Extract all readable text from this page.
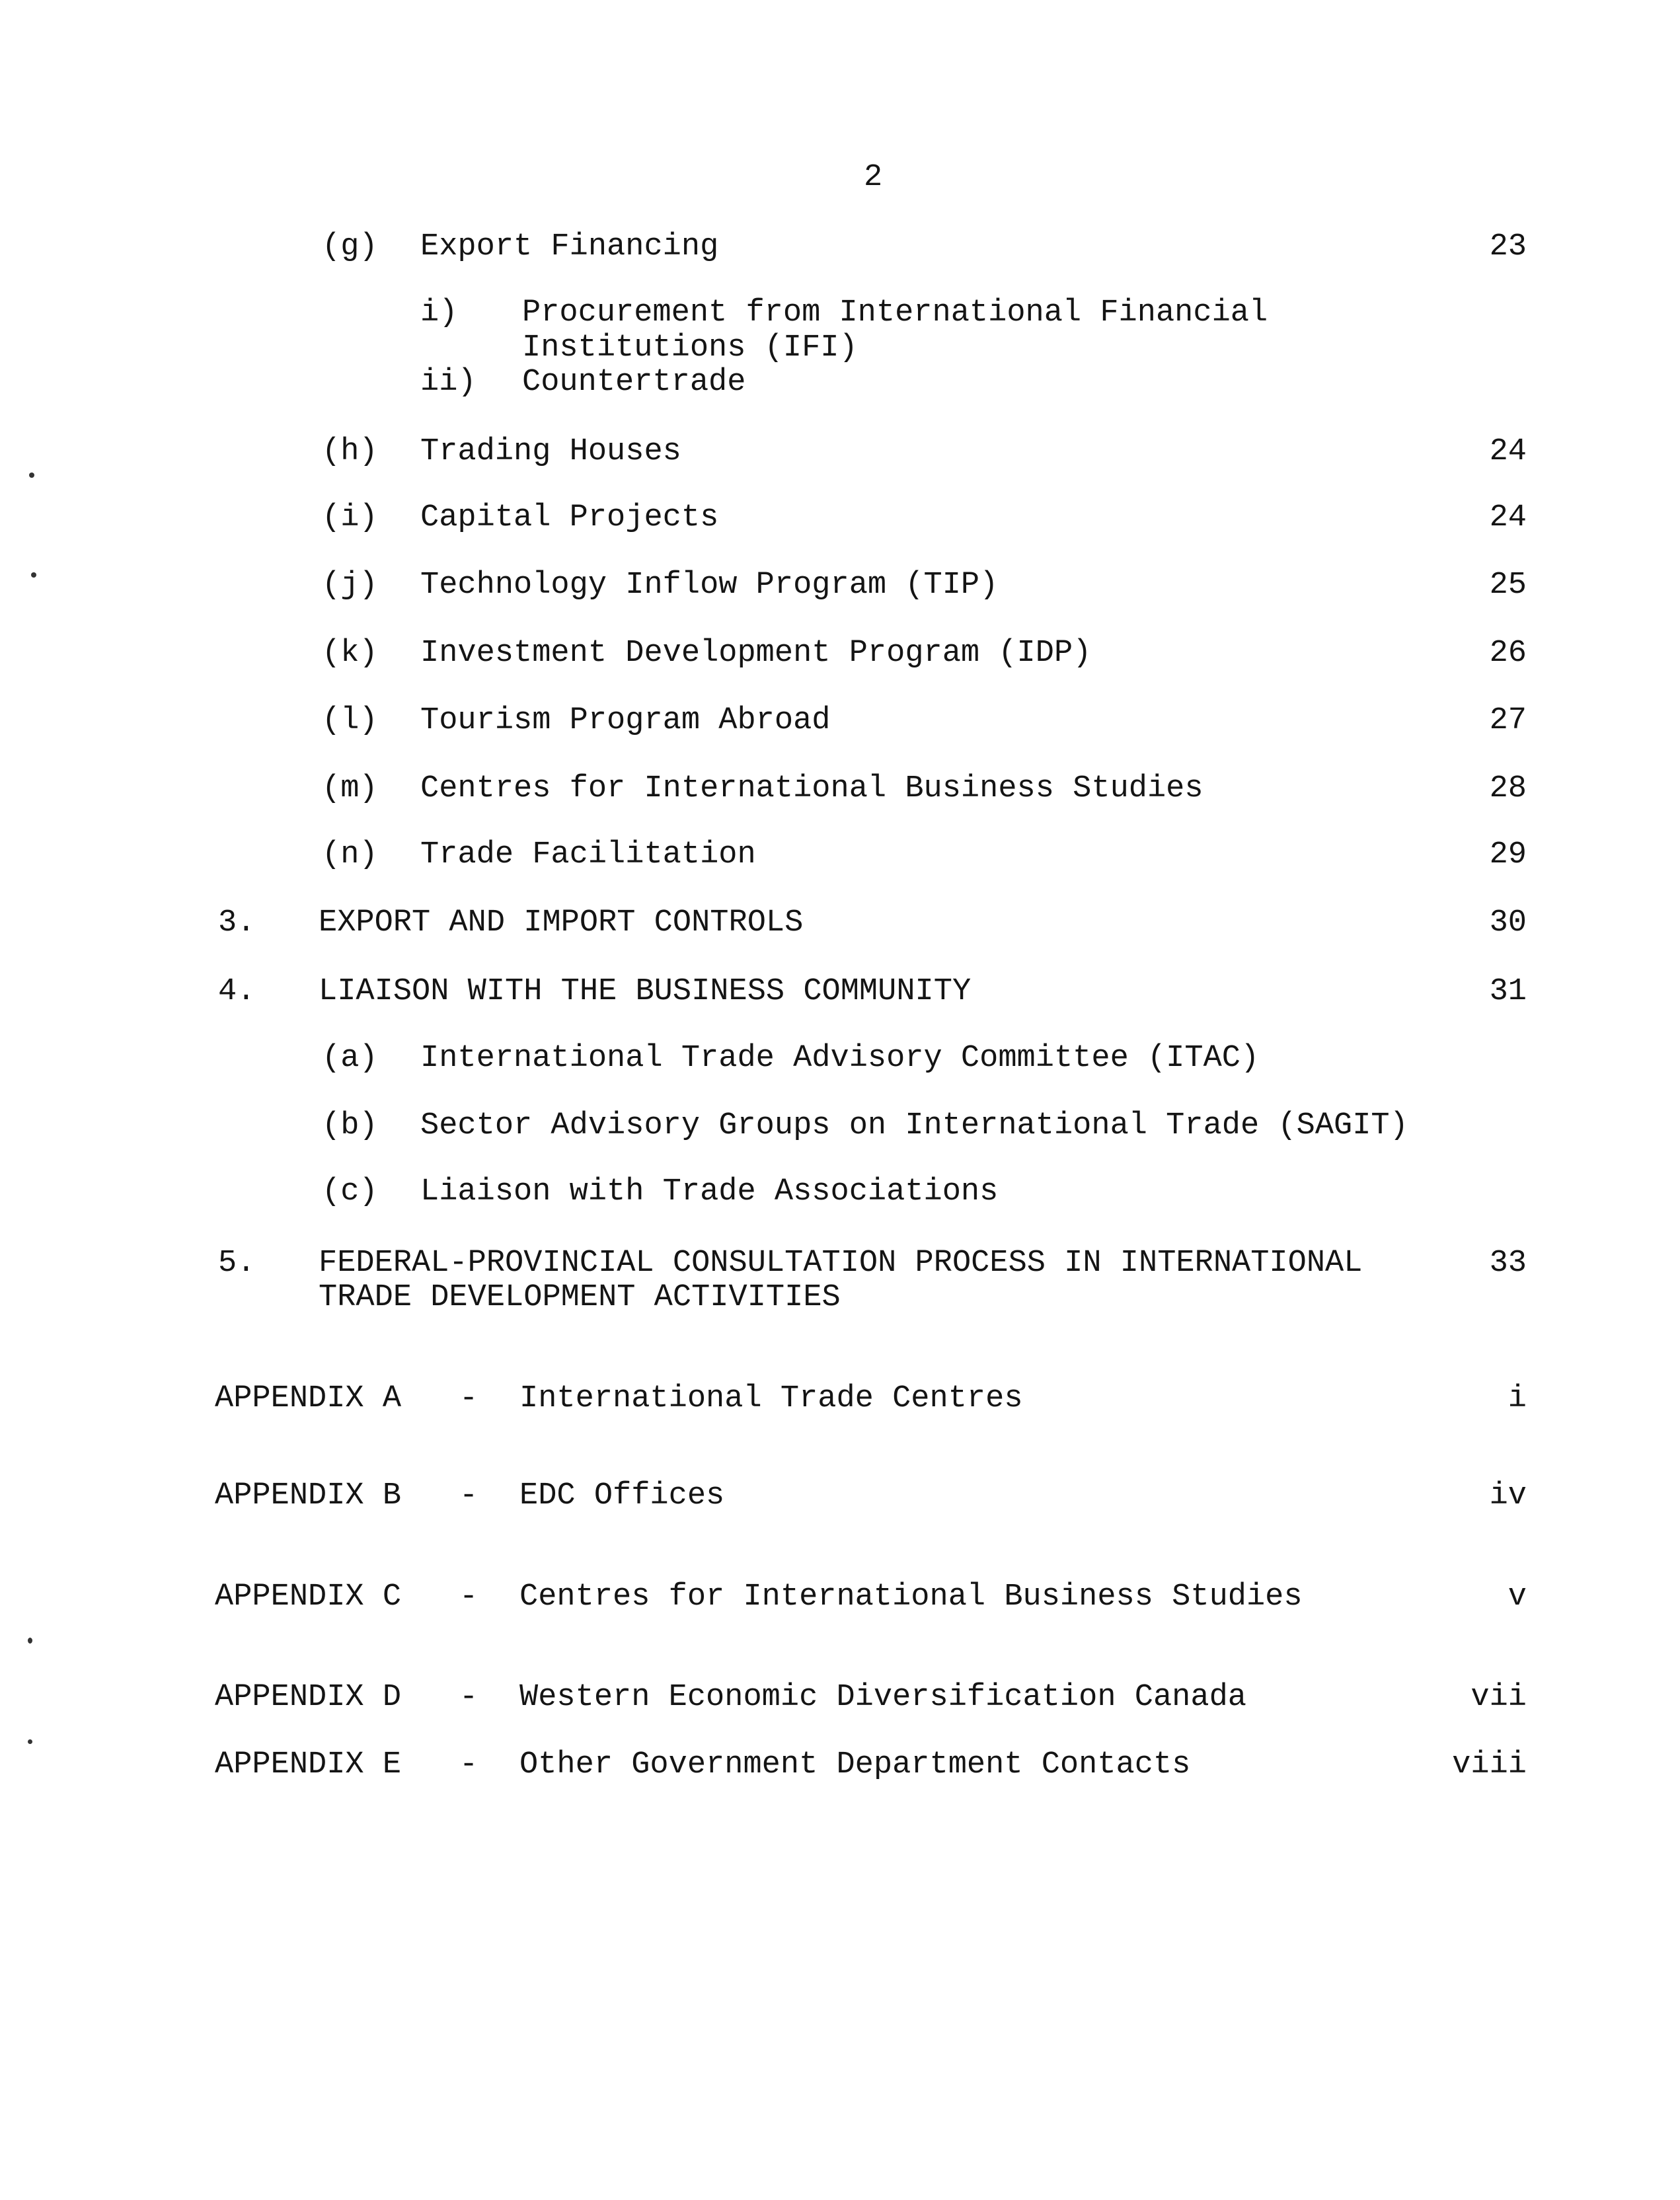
2
(g) Export Financing	23
i) Procurement from International Financial
Institutions (IFI)
ii) Countertrade
(h) Trading Houses	24
(i) Capital Projects	24
(j) Technology Inflow Program (TIP)	25
(k) Investment Development Program (IDP)	26
(l) Tourism Program Abroad	27
(m) Centres for International Business Studies	28
(n) Trade Facilitation	29
3. EXPORT AND IMPORT CONTROLS	30
4. LIAISON WITH THE BUSINESS COMMUNITY	31
(a) International Trade Advisory Committee (ITAC)
(b) Sector Advisory Groups on International Trade (SAGIT)
(c) Liaison with Trade Associations
5. FEDERAL-PROVINCIAL CONSULTATION PROCESS IN INTERNATIONAL
TRADE DEVELOPMENT ACTIVITIES
33
APPENDIX A - International Trade Centres	i
APPENDIX B - EDC Offices	iv
APPENDIX C - Centres for International Business Studies	v
APPENDIX D - Western Economic Diversification Canada	vii
APPENDIX E - Other Government Department Contacts	viii
